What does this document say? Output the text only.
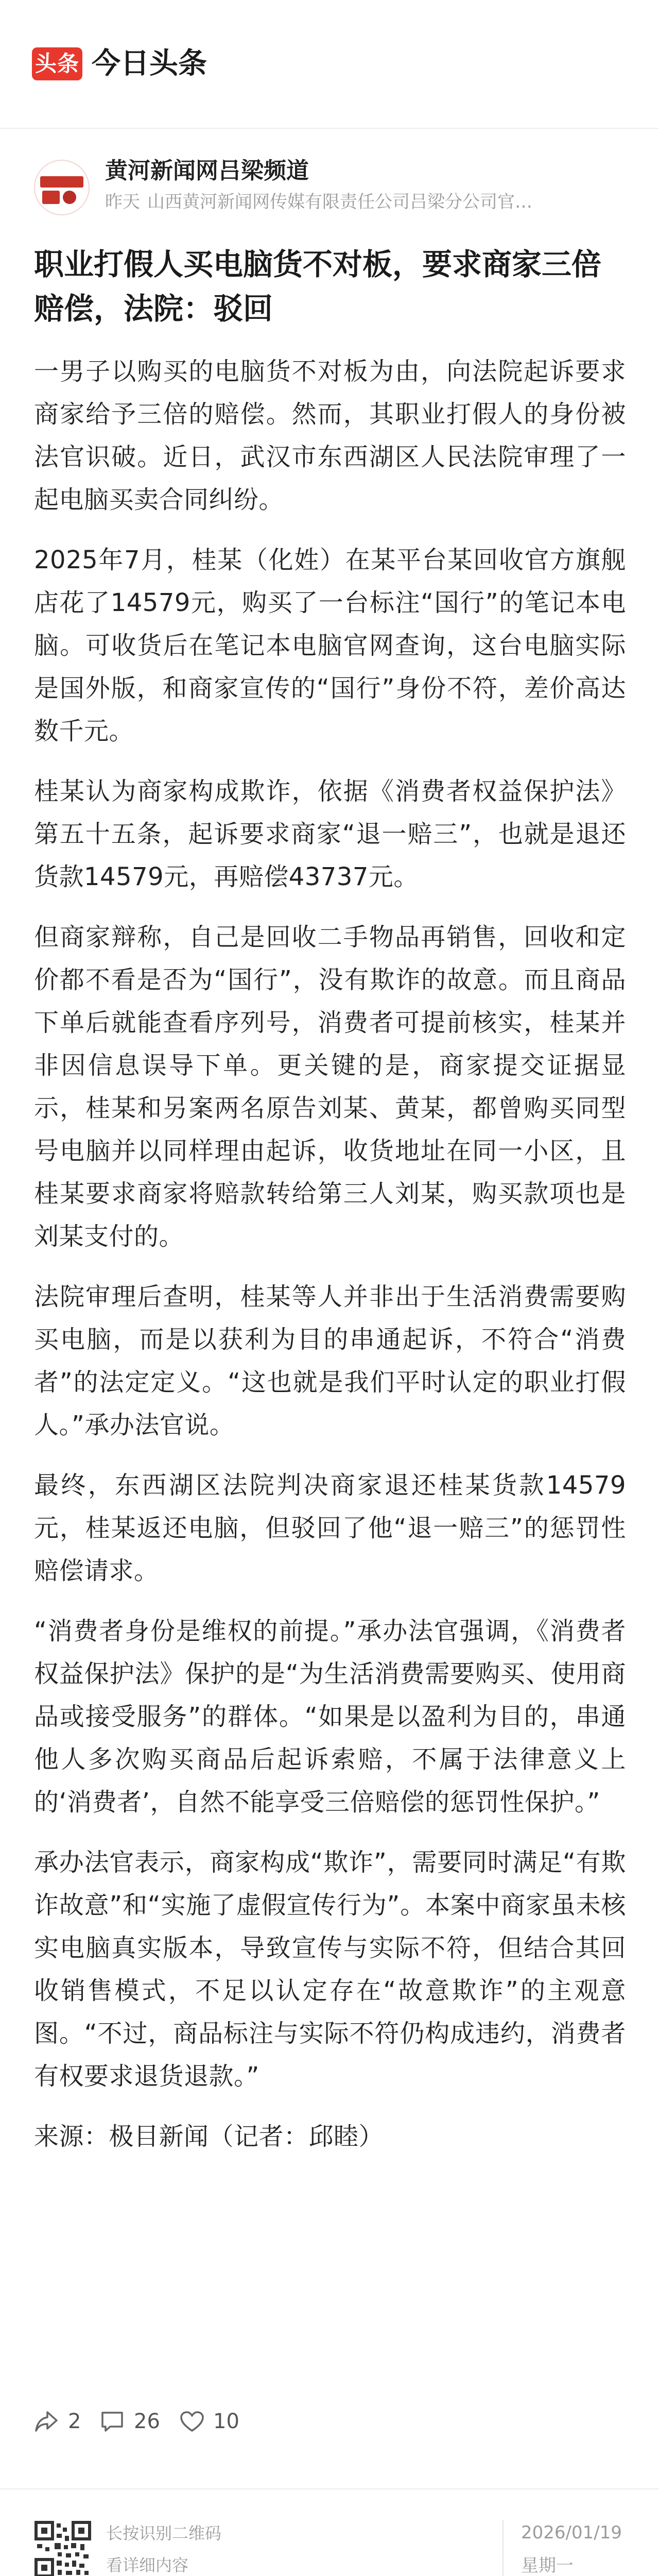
头条 今日头条
黄河新闻网吕梁频道
昨天 山西黄河新闻网传媒有限责任公司吕梁分公司官…
职业打假人买电脑货不对板，要求商家三倍赔偿，法院：驳回

一男子以购买的电脑货不对板为由，向法院起诉要求商家给予三倍的赔偿。然而，其职业打假人的身份被法官识破。近日，武汉市东西湖区人民法院审理了一起电脑买卖合同纠纷。

2025年7月，桂某（化姓）在某平台某回收官方旗舰店花了14579元，购买了一台标注“国行”的笔记本电脑。可收货后在笔记本电脑官网查询，这台电脑实际是国外版，和商家宣传的“国行”身份不符，差价高达数千元。

桂某认为商家构成欺诈，依据《消费者权益保护法》第五十五条，起诉要求商家“退一赔三”，也就是退还货款14579元，再赔偿43737元。

但商家辩称，自己是回收二手物品再销售，回收和定价都不看是否为“国行”，没有欺诈的故意。而且商品下单后就能查看序列号，消费者可提前核实，桂某并非因信息误导下单。更关键的是，商家提交证据显示，桂某和另案两名原告刘某、黄某，都曾购买同型号电脑并以同样理由起诉，收货地址在同一小区，且桂某要求商家将赔款转给第三人刘某，购买款项也是刘某支付的。

法院审理后查明，桂某等人并非出于生活消费需要购买电脑，而是以获利为目的串通起诉，不符合“消费者”的法定定义。“这也就是我们平时认定的职业打假人。”承办法官说。

最终，东西湖区法院判决商家退还桂某货款14579元，桂某返还电脑，但驳回了他“退一赔三”的惩罚性赔偿请求。

“消费者身份是维权的前提。”承办法官强调，《消费者权益保护法》保护的是“为生活消费需要购买、使用商品或接受服务”的群体。“如果是以盈利为目的，串通他人多次购买商品后起诉索赔，不属于法律意义上的‘消费者’，自然不能享受三倍赔偿的惩罚性保护。”

承办法官表示，商家构成“欺诈”，需要同时满足“有欺诈故意”和“实施了虚假宣传行为”。本案中商家虽未核实电脑真实版本，导致宣传与实际不符，但结合其回收销售模式，不足以认定存在“故意欺诈”的主观意图。“不过，商品标注与实际不符仍构成违约，消费者有权要求退货退款。”

来源：极目新闻（记者：邱睦）

2	26	10
长按识别二维码
看详细内容
2026/01/19
星期一
